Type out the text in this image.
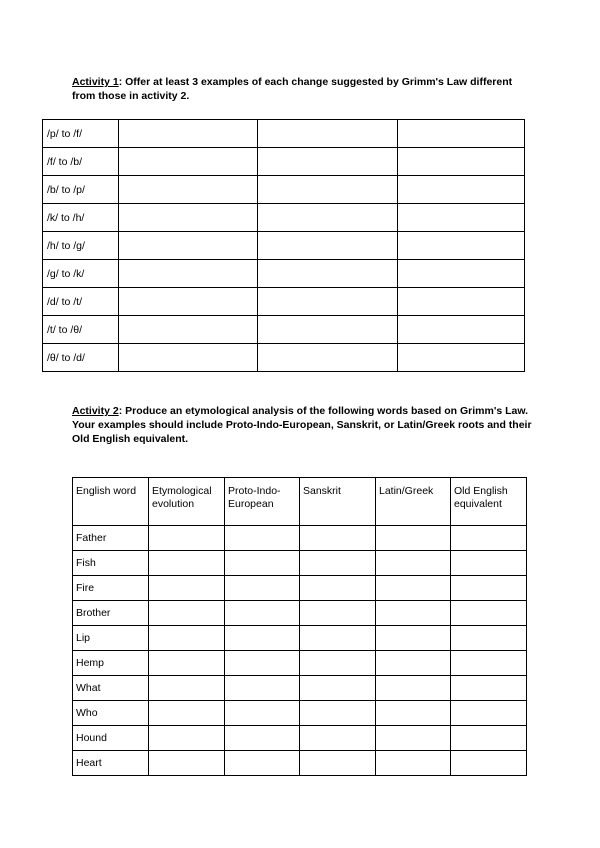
Activity 1: Offer at least 3 examples of each change suggested by Grimm's Law different from those in activity 2.
/p/ to /f/			
/f/ to /b/			
/b/ to /p/			
/k/ to /h/			
/h/ to /g/			
/g/ to /k/			
/d/ to /t/			
/t/ to /θ/			
/θ/ to /d/			
Activity 2: Produce an etymological analysis of the following words based on Grimm's Law. Your examples should include Proto-Indo-European, Sanskrit, or Latin/Greek roots and their Old English equivalent.
English word	Etymological evolution	Proto-Indo-European	Sanskrit	Latin/Greek	Old English equivalent
Father					
Fish					
Fire					
Brother					
Lip					
Hemp					
What					
Who					
Hound					
Heart					
